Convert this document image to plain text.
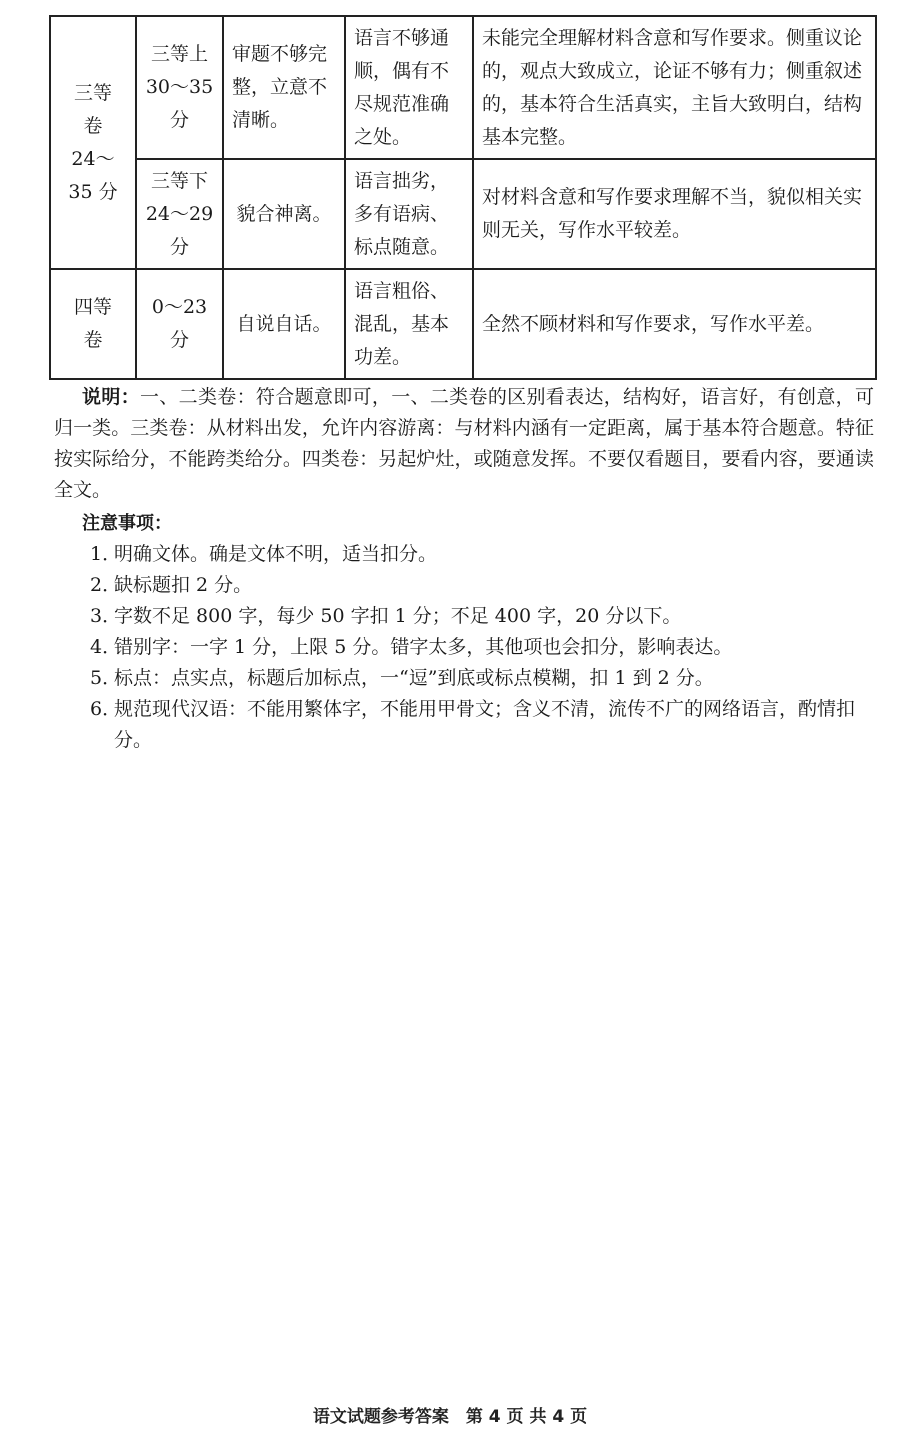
三等
卷
24～
35 分	三等上
30～35
分	审题不够完整，立意不清晰。	语言不够通顺，偶有不尽规范准确之处。	未能完全理解材料含意和写作要求。侧重议论的，观点大致成立，论证不够有力；侧重叙述的，基本符合生活真实，主旨大致明白，结构基本完整。

	三等下
24～29
分	貌合神离。	语言拙劣，多有语病、标点随意。	对材料含意和写作要求理解不当，貌似相关实则无关，写作水平较差。

四等
卷	0～23
分	自说自话。	语言粗俗、混乱，基本功差。	全然不顾材料和写作要求，写作水平差。

说明：一、二类卷：符合题意即可，一、二类卷的区别看表达，结构好，语言好，有创意，可归一类。三类卷：从材料出发，允许内容游离：与材料内涵有一定距离，属于基本符合题意。特征按实际给分，不能跨类给分。四类卷：另起炉灶，或随意发挥。不要仅看题目，要看内容，要通读全文。

注意事项：

1．
明确文体。确是文体不明，适当扣分。
2．
缺标题扣 2 分。
3．
字数不足 800 字，每少 50 字扣 1 分；不足 400 字，20 分以下。
4．
错别字：一字 1 分，上限 5 分。错字太多，其他项也会扣分，影响表达。
5．
标点：点实点，标题后加标点，一“逗”到底或标点模糊，扣 1 到 2 分。
6．
规范现代汉语：不能用繁体字，不能用甲骨文；含义不清，流传不广的网络语言，酌情扣分。
语文试题参考答案　第 4 页 共 4 页
